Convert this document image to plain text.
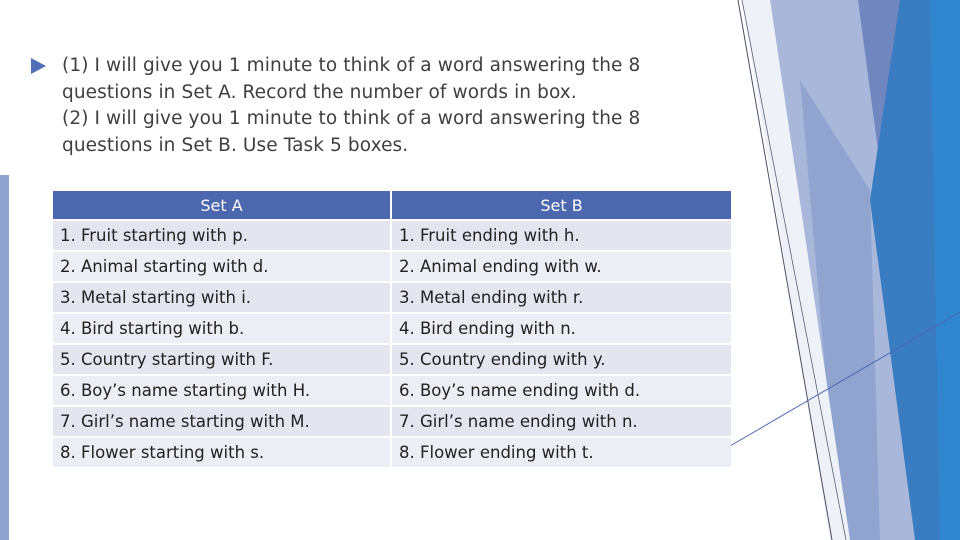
(1) I will give you 1 minute to think of a word answering the 8

questions in Set A. Record the number of words in box.

(2) I will give you 1 minute to think of a word answering the 8

questions in Set B. Use Task 5 boxes.

Set A	Set B
1. Fruit starting with p.	1. Fruit ending with h.
2. Animal starting with d.	2. Animal ending with w.
3. Metal starting with i.	3. Metal ending with r.
4. Bird starting with b.	4. Bird ending with n.
5. Country starting with F.	5. Country ending with y.
6. Boy’s name starting with H.	6. Boy’s name ending with d.
7. Girl’s name starting with M.	7. Girl’s name ending with n.
8. Flower starting with s.	8. Flower ending with t.
